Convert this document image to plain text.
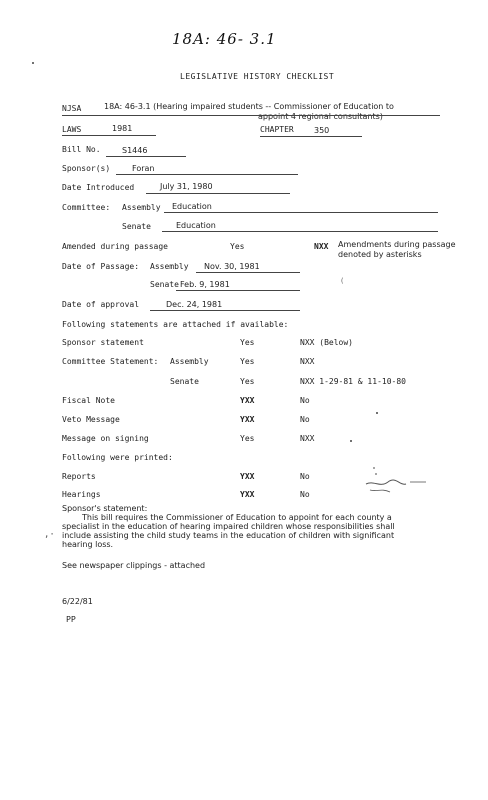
18A: 46- 3.1
LEGISLATIVE HISTORY CHECKLIST
NJSA	18A: 46-3.1 (Hearing impaired students -- Commissioner of Education to
appoint 4 regional consultants)
LAWS	1981	CHAPTER	350
Bill No.	S1446
Sponsor(s)	Foran
Date Introduced	July 31, 1980
Committee: Assembly Education
Senate	Education
Amended during passage	Yes	NXX Amendments during passage
denoted by asterisks
Date of Passage: Assembly Nov. 30, 1981
Senate Feb. 9, 1981	(
Date of approval	Dec. 24, 1981
Following statements are attached if available:
Sponsor statement	Yes	NXX (Below)
Committee Statement: Assembly	Yes	NXX
Senate	Yes	NXX 1-29-81 & 11-10-80
Fiscal Note	YXX	No
Veto Message	YXX	No
Message on signing	Yes	NXX
Following were printed:
Reports	YXX	No
Hearings	YXX	No
Sponsor's statement:
This bill requires the Commissioner of Education to appoint for each county a
specialist in the education of hearing impaired children whose responsibilities shall
include assisting the child study teams in the education of children with significant
hearing loss.
,·
See newspaper clippings - attached
6/22/81
PP
